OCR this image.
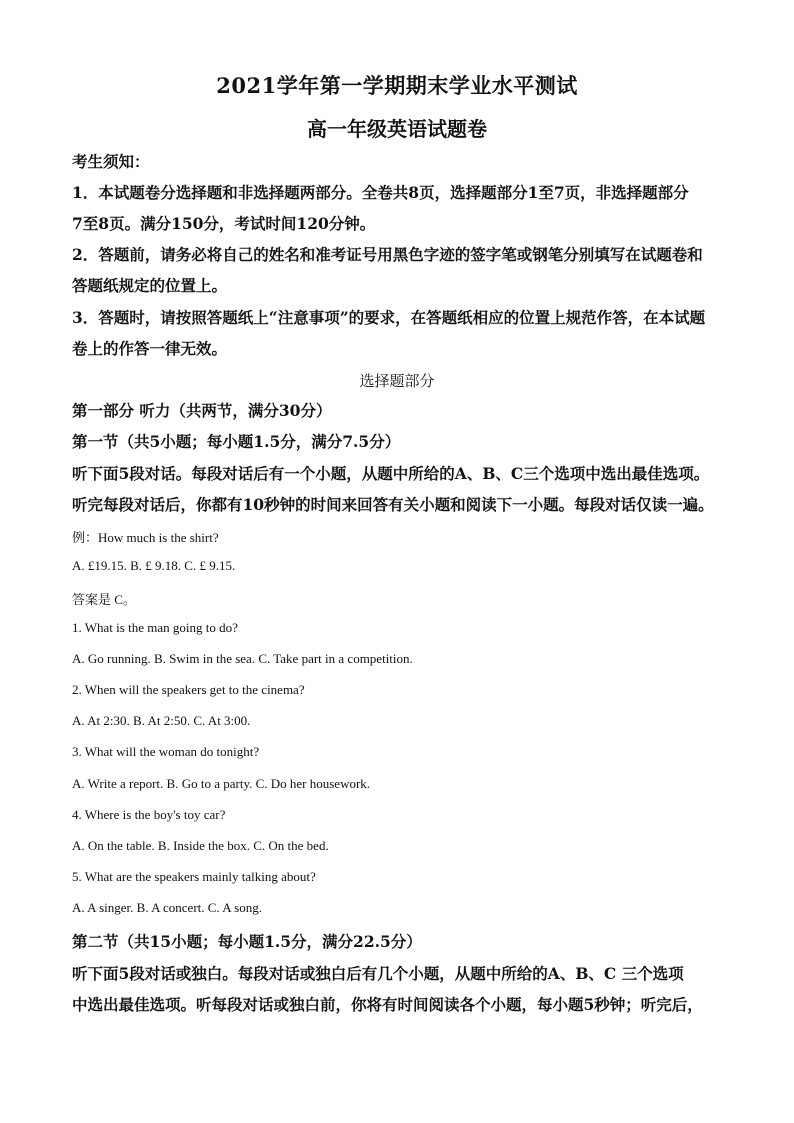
2021学年第一学期期末学业水平测试
高一年级英语试题卷
考生须知：
1．本试题卷分选择题和非选择题两部分。全卷共8页，选择题部分1至7页，非选择题部分
7至8页。满分150分，考试时间120分钟。
2．答题前，请务必将自己的姓名和准考证号用黑色字迹的签字笔或钢笔分别填写在试题卷和
答题纸规定的位置上。
3．答题时，请按照答题纸上“注意事项”的要求，在答题纸相应的位置上规范作答，在本试题
卷上的作答一律无效。
选择题部分
第一部分 听力（共两节，满分30分）
第一节（共5小题；每小题1.5分，满分7.5分）
听下面5段对话。每段对话后有一个小题，从题中所给的A、B、C三个选项中选出最佳选项。
听完每段对话后，你都有10秒钟的时间来回答有关小题和阅读下一小题。每段对话仅读一遍。
例：How much is the shirt?
A. £19.15. B. £ 9.18. C. £ 9.15.
答案是 C。
1. What is the man going to do?
A. Go running. B. Swim in the sea. C. Take part in a competition.
2. When will the speakers get to the cinema?
A. At 2:30. B. At 2:50. C. At 3:00.
3. What will the woman do tonight?
A. Write a report. B. Go to a party. C. Do her housework.
4. Where is the boy's toy car?
A. On the table. B. Inside the box. C. On the bed.
5. What are the speakers mainly talking about?
A. A singer. B. A concert. C. A song.
第二节（共15小题；每小题1.5分，满分22.5分）
听下面5段对话或独白。每段对话或独白后有几个小题，从题中所给的A、B、C 三个选项
中选出最佳选项。听每段对话或独白前，你将有时间阅读各个小题，每小题5秒钟；听完后，
